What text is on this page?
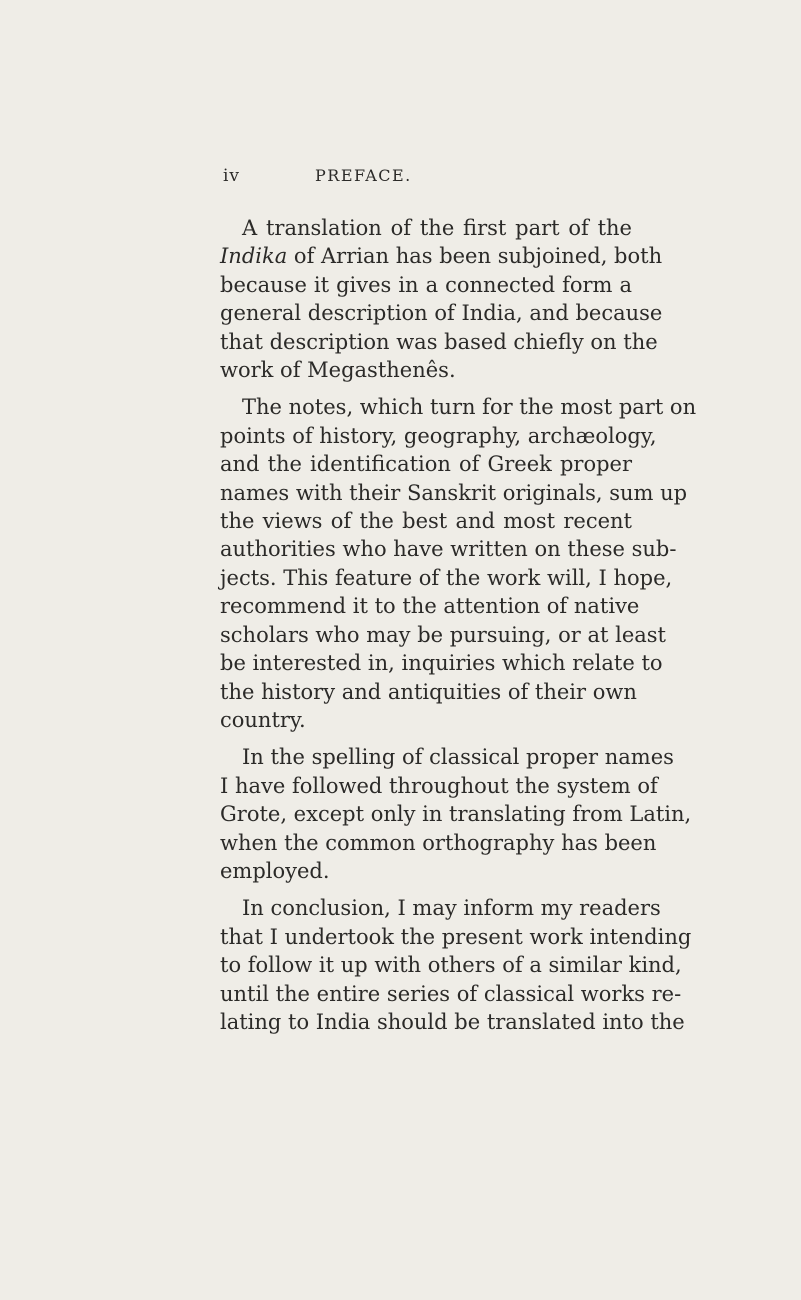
iv	PREFACE.
A translation of the first part of the
Indika of Arrian has been subjoined, both
because it gives in a connected form a
general description of India, and because
that description was based chiefly on the
work of Megasthenês.
The notes, which turn for the most part on
points of history, geography, archæology,
and the identification of Greek proper
names with their Sanskrit originals, sum up
the views of the best and most recent
authorities who have written on these sub-
jects. This feature of the work will, I hope,
recommend it to the attention of native
scholars who may be pursuing, or at least
be interested in, inquiries which relate to
the history and antiquities of their own
country.
In the spelling of classical proper names
I have followed throughout the system of
Grote, except only in translating from Latin,
when the common orthography has been
employed.
In conclusion, I may inform my readers
that I undertook the present work intending
to follow it up with others of a similar kind,
until the entire series of classical works re-
lating to India should be translated into the
